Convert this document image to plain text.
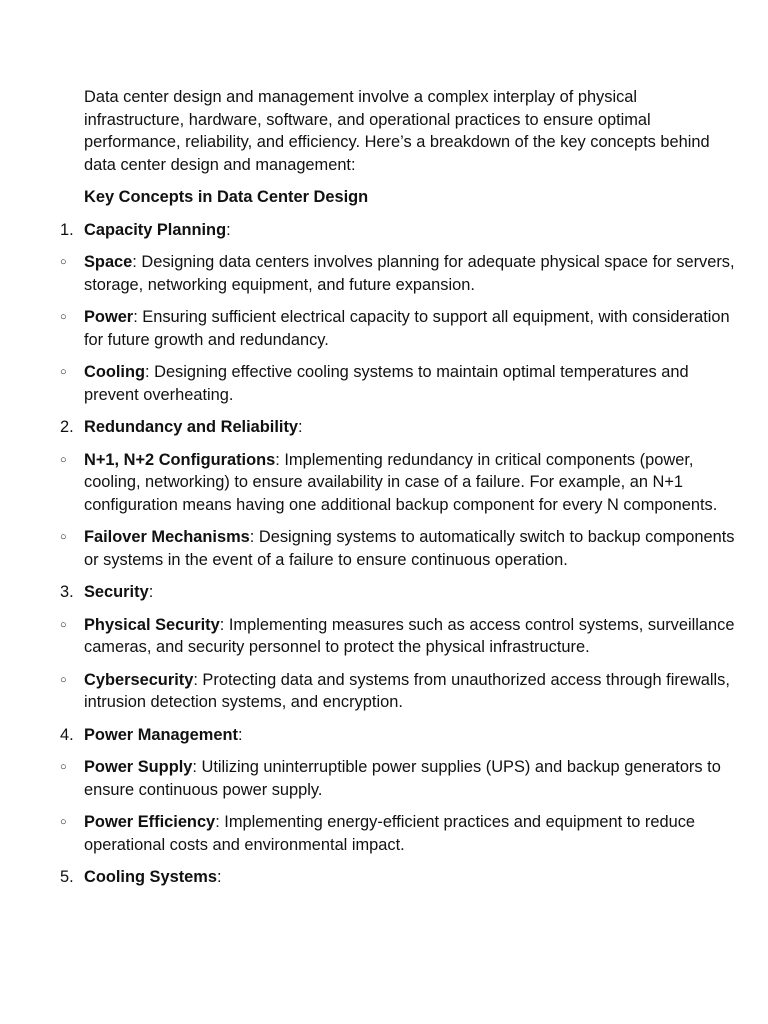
Data center design and management involve a complex interplay of physical infrastructure, hardware, software, and operational practices to ensure optimal performance, reliability, and efficiency. Here’s a breakdown of the key concepts behind data center design and management:

Key Concepts in Data Center Design

1. Capacity Planning:
○	Space: Designing data centers involves planning for adequate physical space for servers, storage, networking equipment, and future expansion.
○	Power: Ensuring sufficient electrical capacity to support all equipment, with consideration for future growth and redundancy.
○	Cooling: Designing effective cooling systems to maintain optimal temperatures and prevent overheating.
2. Redundancy and Reliability:
○	N+1, N+2 Configurations: Implementing redundancy in critical components (power, cooling, networking) to ensure availability in case of a failure. For example, an N+1 configuration means having one additional backup component for every N components.
○	Failover Mechanisms: Designing systems to automatically switch to backup components or systems in the event of a failure to ensure continuous operation.
3. Security:
○	Physical Security: Implementing measures such as access control systems, surveillance cameras, and security personnel to protect the physical infrastructure.
○	Cybersecurity: Protecting data and systems from unauthorized access through firewalls, intrusion detection systems, and encryption.
4. Power Management:
○	Power Supply: Utilizing uninterruptible power supplies (UPS) and backup generators to ensure continuous power supply.
○	Power Efficiency: Implementing energy-efficient practices and equipment to reduce operational costs and environmental impact.
5. Cooling Systems:
